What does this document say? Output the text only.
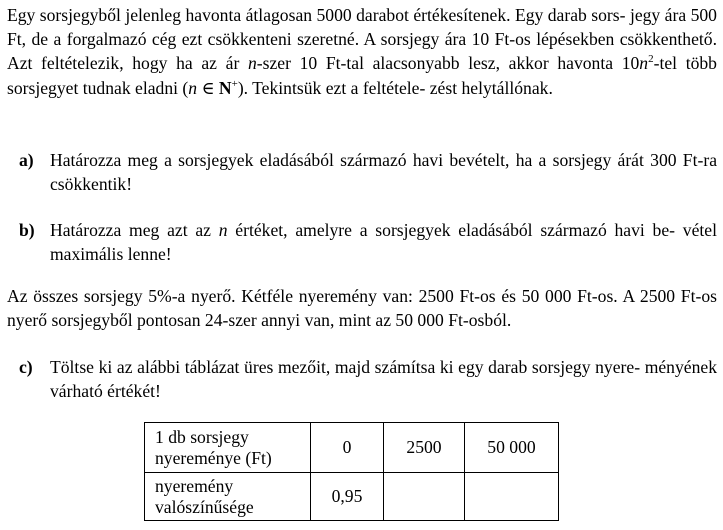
Egy sorsjegyből jelenleg havonta átlagosan 5000 darabot értékesítenek. Egy darab sors- jegy ára 500 Ft, de a forgalmazó cég ezt csökkenteni szeretné. A sorsjegy ára 10 Ft-os lépésekben csökkenthető. Azt feltételezik, hogy ha az ár n-szer 10 Ft-tal alacsonyabb lesz, akkor havonta $10n^2$-tel több sorsjegyet tudnak eladni (n ∈ N+). Tekintsük ezt a feltétele- zést helytállónak.

a) Határozza meg a sorsjegyek eladásából származó havi bevételt, ha a sorsjegy árát 300 Ft-ra csökkentik!
b) Határozza meg azt az n értéket, amelyre a sorsjegyek eladásából származó havi be- vétel maximális lenne!

Az összes sorsjegy 5%-a nyerő. Kétféle nyeremény van: 2500 Ft-os és 50 000 Ft-os. A 2500 Ft-os nyerő sorsjegyből pontosan 24-szer annyi van, mint az 50 000 Ft-osból.

c) Töltse ki az alábbi táblázat üres mezőit, majd számítsa ki egy darab sorsjegy nyere- ményének várható értékét!
1 db sorsjegy
nyereménye (Ft)	0	2500	50 000
nyeremény
valószínűsége	0,95		
